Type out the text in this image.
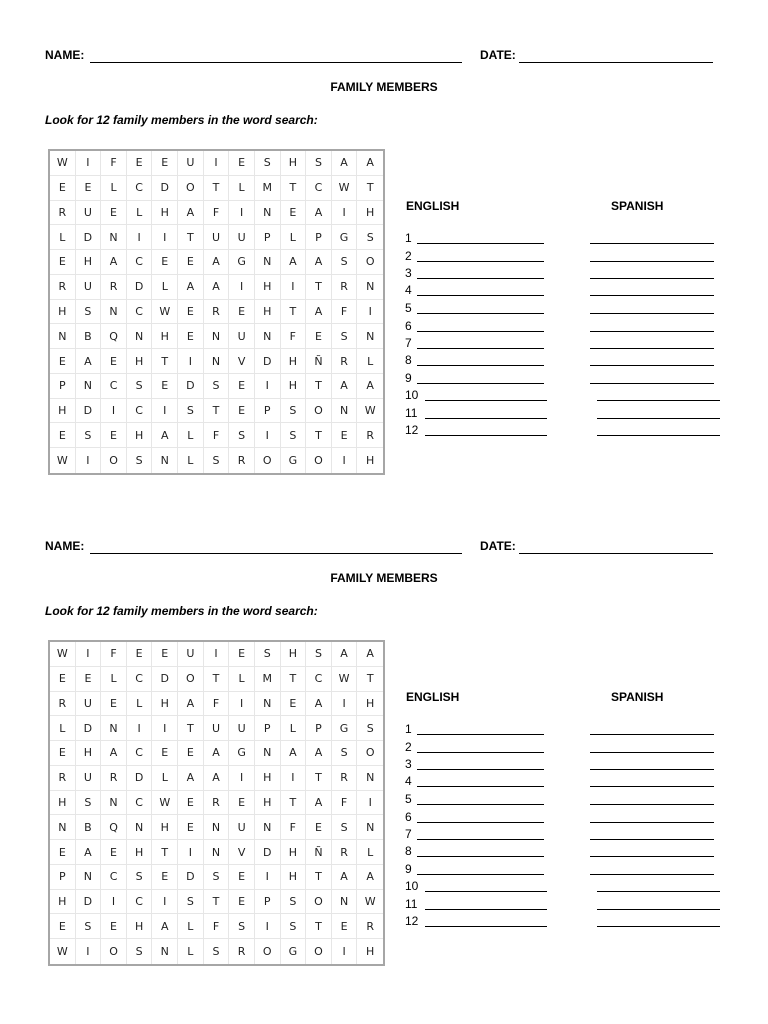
NAME:	DATE:
FAMILY MEMBERS
Look for 12 family members in the word search:
W	I	F	E	E	U	I	E	S	H	S	A	A
E	E	L	C	D	O	T	L	M	T	C	W	T
R	U	E	L	H	A	F	I	N	E	A	I	H
L	D	N	I	I	T	U	U	P	L	P	G	S
E	H	A	C	E	E	A	G	N	A	A	S	O
R	U	R	D	L	A	A	I	H	I	T	R	N
H	S	N	C	W	E	R	E	H	T	A	F	I
N	B	Q	N	H	E	N	U	N	F	E	S	N
E	A	E	H	T	I	N	V	D	H	Ñ	R	L
P	N	C	S	E	D	S	E	I	H	T	A	A
H	D	I	C	I	S	T	E	P	S	O	N	W
E	S	E	H	A	L	F	S	I	S	T	E	R
W	I	O	S	N	L	S	R	O	G	O	I	H
ENGLISH	SPANISH
1
2
3
4
5
6
7
8
9
10
11
12
NAME:	DATE:
FAMILY MEMBERS
Look for 12 family members in the word search:
W	I	F	E	E	U	I	E	S	H	S	A	A
E	E	L	C	D	O	T	L	M	T	C	W	T
R	U	E	L	H	A	F	I	N	E	A	I	H
L	D	N	I	I	T	U	U	P	L	P	G	S
E	H	A	C	E	E	A	G	N	A	A	S	O
R	U	R	D	L	A	A	I	H	I	T	R	N
H	S	N	C	W	E	R	E	H	T	A	F	I
N	B	Q	N	H	E	N	U	N	F	E	S	N
E	A	E	H	T	I	N	V	D	H	Ñ	R	L
P	N	C	S	E	D	S	E	I	H	T	A	A
H	D	I	C	I	S	T	E	P	S	O	N	W
E	S	E	H	A	L	F	S	I	S	T	E	R
W	I	O	S	N	L	S	R	O	G	O	I	H
ENGLISH	SPANISH
1
2
3
4
5
6
7
8
9
10
11
12
